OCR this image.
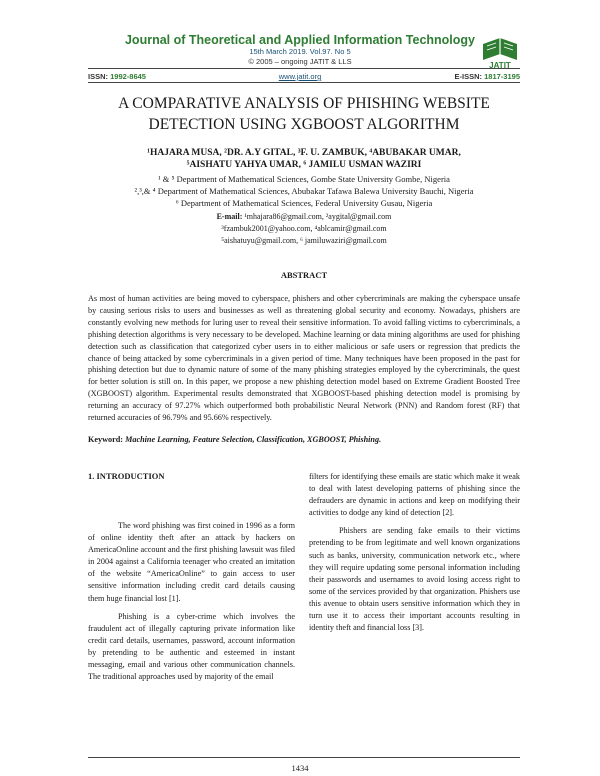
Journal of Theoretical and Applied Information Technology
15th March 2019. Vol.97. No 5
© 2005 – ongoing JATIT & LLS	JATIT
ISSN: 1992-8645	www.jatit.org	E-ISSN: 1817-3195
A COMPARATIVE ANALYSIS OF PHISHING WEBSITE
DETECTION USING XGBOOST ALGORITHM
¹HAJARA MUSA, ²DR. A.Y GITAL, ³F. U. ZAMBUK, ⁴ABUBAKAR UMAR,
⁵AISHATU YAHYA UMAR, ⁶ JAMILU USMAN WAZIRI
¹ & ⁵ Department of Mathematical Sciences, Gombe State University Gombe, Nigeria
²,³,& ⁴ Department of Mathematical Sciences, Abubakar Tafawa Balewa University Bauchi, Nigeria
⁶ Department of Mathematical Sciences, Federal University Gusau, Nigeria
E-mail: ¹mhajara86@gmail.com, ²aygital@gmail.com
³fzambuk2001@yahoo.com, ⁴ablcamir@gmail.com
⁵aishatuyu@gmail.com, ⁶ jamiluwaziri@gmail.com
ABSTRACT
As most of human activities are being moved to cyberspace, phishers and other cybercriminals are making the cyberspace unsafe by causing serious risks to users and businesses as well as threatening global security and economy. Nowadays, phishers are constantly evolving new methods for luring user to reveal their sensitive information. To avoid falling victims to cybercriminals, a phishing detection algorithms is very necessary to be developed. Machine learning or data mining algorithms are used for phishing detection such as classification that categorized cyber users in to either malicious or safe users or regression that predicts the chance of being attacked by some cybercriminals in a given period of time. Many techniques have been proposed in the past for phishing detection but due to dynamic nature of some of the many phishing strategies employed by the cybercriminals, the quest for better solution is still on. In this paper, we propose a new phishing detection model based on Extreme Gradient Boosted Tree (XGBOOST) algorithm. Experimental results demonstrated that XGBOOST-based phishing detection model is promising by returning an accuracy of 97.27% which outperformed both probabilistic Neural Network (PNN) and Random forest (RF) that returned accuracies of 96.79% and 95.66% respectively.
Keyword: Machine Learning, Feature Selection, Classification, XGBOOST, Phishing.
1. INTRODUCTION

The word phishing was first coined in 1996 as a form of online identity theft after an attack by hackers on AmericaOnline account and the first phishing lawsuit was filed in 2004 against a California teenager who created an imitation of the website “AmericaOnline” to gain access to user sensitive information including credit card details causing them huge financial lost [1].

Phishing is a cyber-crime which involves the fraudulent act of illegally capturing private information like credit card details, usernames, password, account information by pretending to be authentic and esteemed in instant messaging, email and various other communication channels. The traditional approaches used by majority of the email

filters for identifying these emails are static which make it weak to deal with latest developing patterns of phishing since the defrauders are dynamic in actions and keep on modifying their activities to dodge any kind of detection [2].

Phishers are sending fake emails to their victims pretending to be from legitimate and well known organizations such as banks, university, communication network etc., where they will require updating some personal information including their passwords and usernames to avoid losing access right to some of the services provided by that organization. Phishers use this avenue to obtain users sensitive information which they in turn use it to access their important accounts resulting in identity theft and financial loss [3].

1434
